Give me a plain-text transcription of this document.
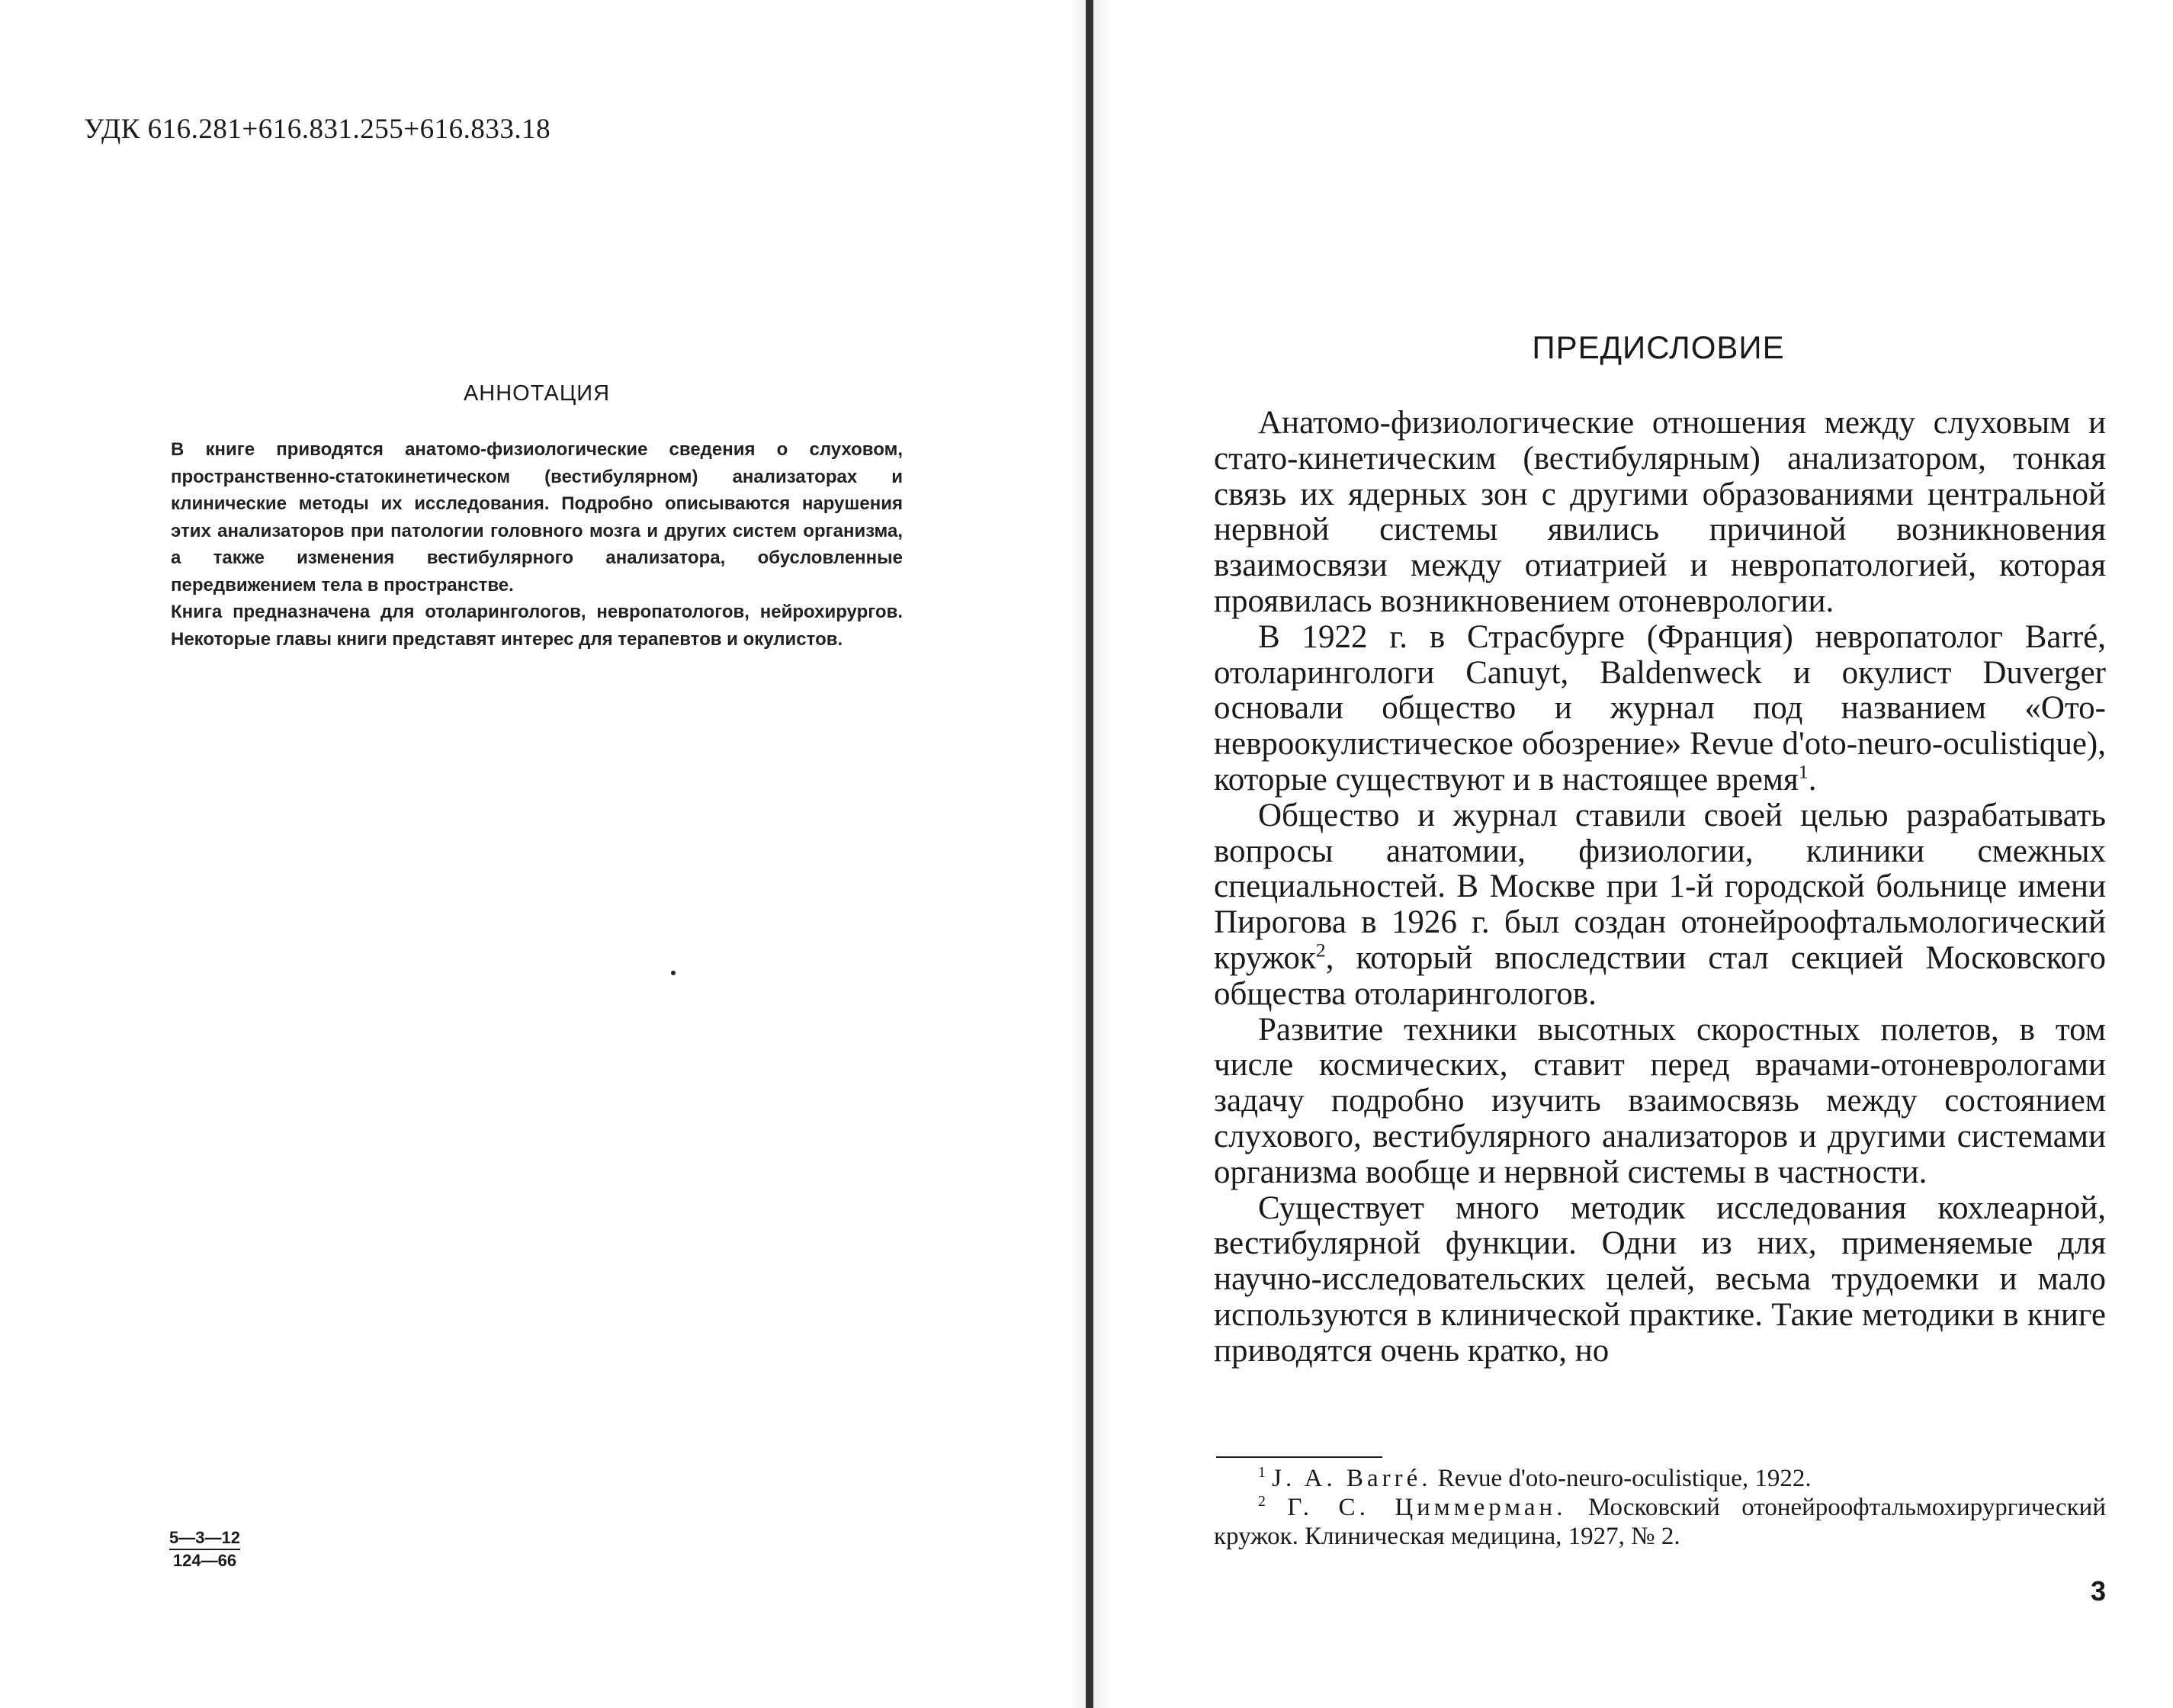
УДК 616.281+616.831.255+616.833.18
АННОТАЦИЯ

В книге приводятся анатомо-физиологические сведения о слуховом, пространственно-статокинетическом (вестибулярном) анализаторах и клинические методы их исследования. Подробно описываются нарушения этих анализаторов при патологии головного мозга и других систем организма, а также изменения вестибулярного анализатора, обусловленные передвижением тела в пространстве.

Книга предназначена для отоларингологов, невропатологов, нейрохирургов. Некоторые главы книги представят интерес для терапевтов и окулистов.

5—3—12
124—66
ПРЕДИСЛОВИЕ

Анатомо-физиологические отношения между слуховым и стато-кинетическим (вестибулярным) анализатором, тонкая связь их ядерных зон с другими образованиями центральной нервной системы явились причиной возникновения взаимосвязи между отиатрией и невропатологией, которая проявилась возникновением отоневрологии.

В 1922 г. в Страсбурге (Франция) невропатолог Barré, отоларингологи Canuyt, Baldenweck и окулист Duverger основали общество и журнал под названием «Ото-невроокулистическое обозрение» Revue d'oto-neuro-oculistique), которые существуют и в настоящее время$^1$.

Общество и журнал ставили своей целью разрабатывать вопросы анатомии, физиологии, клиники смежных специальностей. В Москве при 1-й городской больнице имени Пирогова в 1926 г. был создан отонейроофтальмологический кружок$^2$, который впоследствии стал секцией Московского общества отоларингологов.

Развитие техники высотных скоростных полетов, в том числе космических, ставит перед врачами-отоневрологами задачу подробно изучить взаимосвязь между состоянием слухового, вестибулярного анализаторов и другими системами организма вообще и нервной системы в частности.

Существует много методик исследования кохлеарной, вестибулярной функции. Одни из них, применяемые для научно-исследовательских целей, весьма трудоемки и мало используются в клинической практике. Такие методики в книге приводятся очень кратко, но

$^1$ J. A. Barré. Revue d'oto-neuro-oculistique, 1922.

$^2$ Г. С. Циммерман. Московский отонейроофтальмохирургический кружок. Клиническая медицина, 1927, № 2.

3
